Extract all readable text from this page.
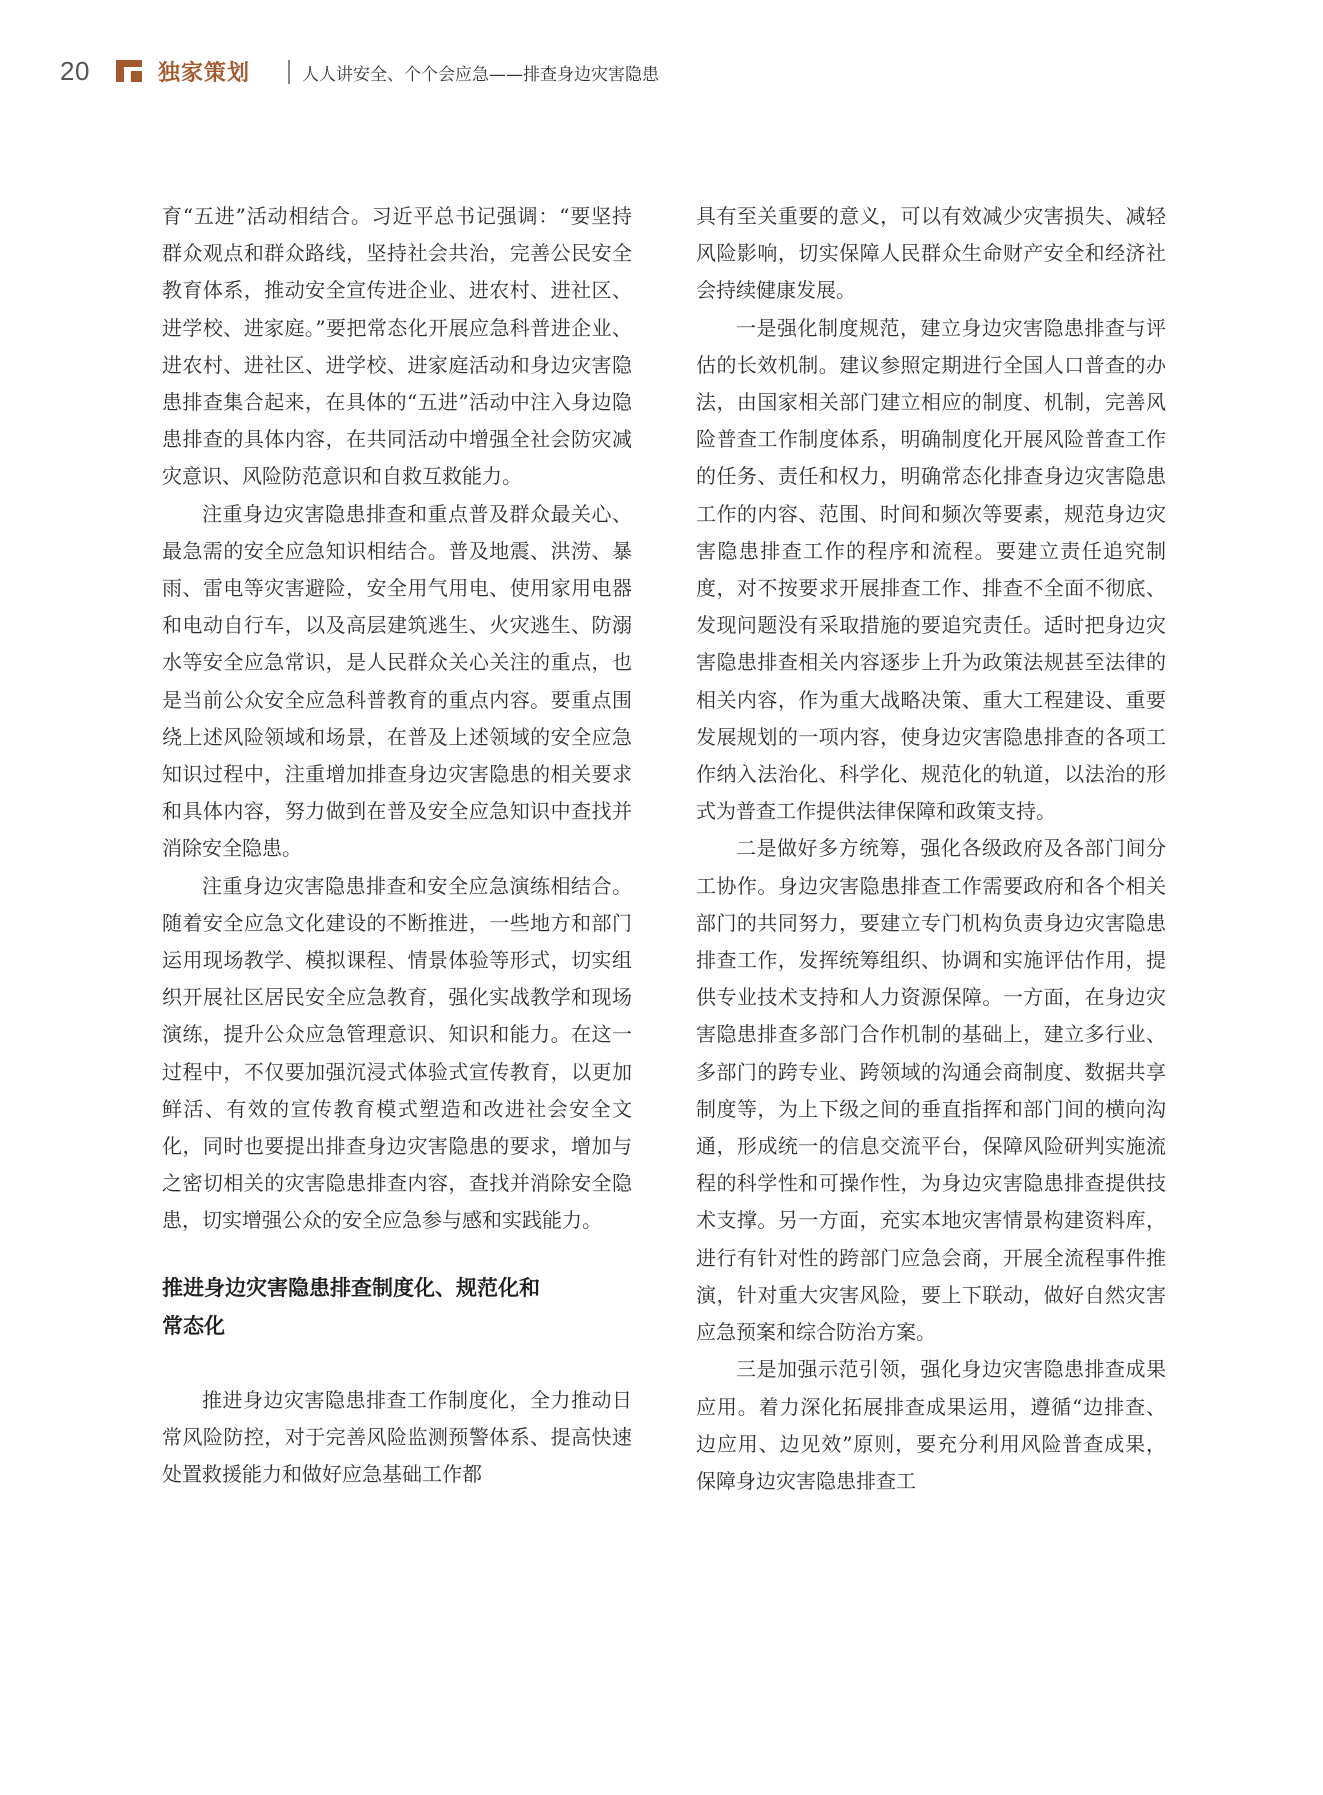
20	独家策划	人人讲安全、个个会应急——排查身边灾害隐患

育“五进”活动相结合。习近平总书记强调：“要坚持群众观点和群众路线，坚持社会共治，完善公民安全教育体系，推动安全宣传进企业、进农村、进社区、进学校、进家庭。”要把常态化开展应急科普进企业、进农村、进社区、进学校、进家庭活动和身边灾害隐患排查集合起来，在具体的“五进”活动中注入身边隐患排查的具体内容，在共同活动中增强全社会防灾减灾意识、风险防范意识和自救互救能力。

注重身边灾害隐患排查和重点普及群众最关心、最急需的安全应急知识相结合。普及地震、洪涝、暴雨、雷电等灾害避险，安全用气用电、使用家用电器和电动自行车，以及高层建筑逃生、火灾逃生、防溺水等安全应急常识，是人民群众关心关注的重点，也是当前公众安全应急科普教育的重点内容。要重点围绕上述风险领域和场景，在普及上述领域的安全应急知识过程中，注重增加排查身边灾害隐患的相关要求和具体内容，努力做到在普及安全应急知识中查找并消除安全隐患。

注重身边灾害隐患排查和安全应急演练相结合。随着安全应急文化建设的不断推进，一些地方和部门运用现场教学、模拟课程、情景体验等形式，切实组织开展社区居民安全应急教育，强化实战教学和现场演练，提升公众应急管理意识、知识和能力。在这一过程中，不仅要加强沉浸式体验式宣传教育，以更加鲜活、有效的宣传教育模式塑造和改进社会安全文化，同时也要提出排查身边灾害隐患的要求，增加与之密切相关的灾害隐患排查内容，查找并消除安全隐患，切实增强公众的安全应急参与感和实践能力。

推进身边灾害隐患排查制度化、规范化和
常态化

推进身边灾害隐患排查工作制度化，全力推动日常风险防控，对于完善风险监测预警体系、提高快速处置救援能力和做好应急基础工作都

具有至关重要的意义，可以有效减少灾害损失、减轻风险影响，切实保障人民群众生命财产安全和经济社会持续健康发展。

一是强化制度规范，建立身边灾害隐患排查与评估的长效机制。建议参照定期进行全国人口普查的办法，由国家相关部门建立相应的制度、机制，完善风险普查工作制度体系，明确制度化开展风险普查工作的任务、责任和权力，明确常态化排查身边灾害隐患工作的内容、范围、时间和频次等要素，规范身边灾害隐患排查工作的程序和流程。要建立责任追究制度，对不按要求开展排查工作、排查不全面不彻底、发现问题没有采取措施的要追究责任。适时把身边灾害隐患排查相关内容逐步上升为政策法规甚至法律的相关内容，作为重大战略决策、重大工程建设、重要发展规划的一项内容，使身边灾害隐患排查的各项工作纳入法治化、科学化、规范化的轨道，以法治的形式为普查工作提供法律保障和政策支持。

二是做好多方统筹，强化各级政府及各部门间分工协作。身边灾害隐患排查工作需要政府和各个相关部门的共同努力，要建立专门机构负责身边灾害隐患排查工作，发挥统筹组织、协调和实施评估作用，提供专业技术支持和人力资源保障。一方面，在身边灾害隐患排查多部门合作机制的基础上，建立多行业、多部门的跨专业、跨领域的沟通会商制度、数据共享制度等，为上下级之间的垂直指挥和部门间的横向沟通，形成统一的信息交流平台，保障风险研判实施流程的科学性和可操作性，为身边灾害隐患排查提供技术支撑。另一方面，充实本地灾害情景构建资料库，进行有针对性的跨部门应急会商，开展全流程事件推演，针对重大灾害风险，要上下联动，做好自然灾害应急预案和综合防治方案。

三是加强示范引领，强化身边灾害隐患排查成果应用。着力深化拓展排查成果运用，遵循“边排查、边应用、边见效”原则，要充分利用风险普查成果，保障身边灾害隐患排查工
